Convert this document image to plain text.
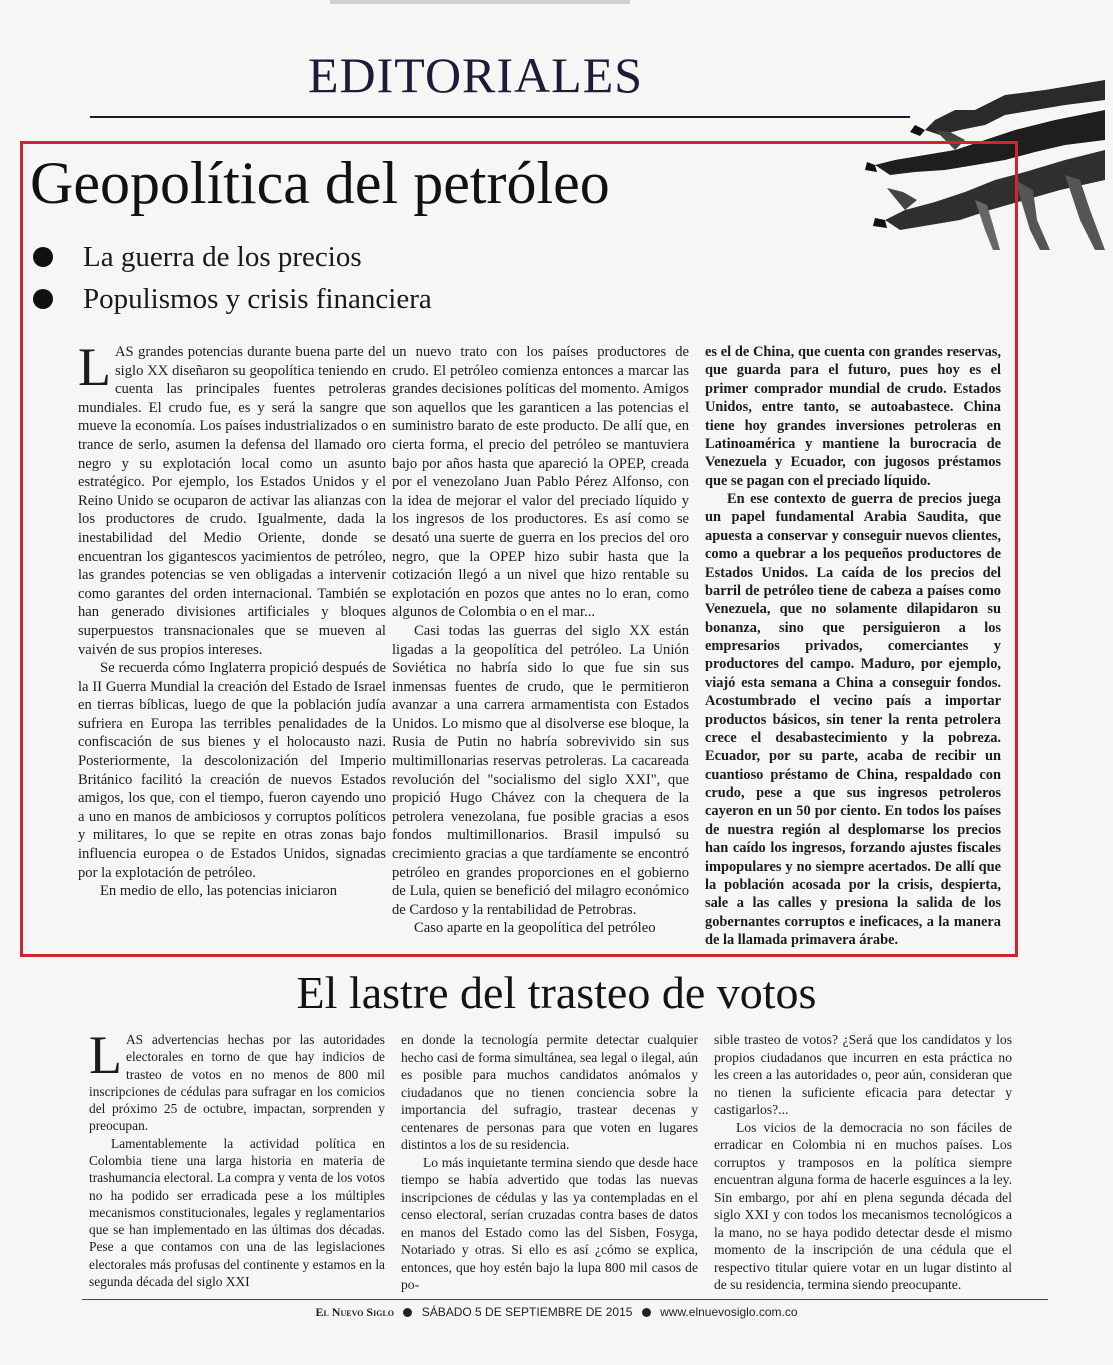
EDITORIALES
Geopolítica del petróleo
La guerra de los precios
Populismos y crisis financiera

LAS grandes potencias durante buena parte del siglo XX diseñaron su geopolítica teniendo en cuenta las principales fuentes petroleras mundiales. El crudo fue, es y será la sangre que mueve la economía. Los países industrializados o en trance de serlo, asumen la defensa del llamado oro negro y su explotación local como un asunto estratégico. Por ejemplo, los Estados Unidos y el Reino Unido se ocuparon de activar las alianzas con los productores de crudo. Igualmente, dada la inestabilidad del Medio Oriente, donde se encuentran los gigantescos yacimientos de petróleo, las grandes potencias se ven obligadas a intervenir como garantes del orden internacional. También se han generado divisiones artificiales y bloques superpuestos transnacionales que se mueven al vaivén de sus propios intereses.

Se recuerda cómo Inglaterra propició después de la II Guerra Mundial la creación del Estado de Israel en tierras bíblicas, luego de que la población judía sufriera en Europa las terribles penalidades de la confiscación de sus bienes y el holocausto nazi. Posteriormente, la descolonización del Imperio Británico facilitó la creación de nuevos Estados amigos, los que, con el tiempo, fueron cayendo uno a uno en manos de ambiciosos y corruptos políticos y militares, lo que se repite en otras zonas bajo influencia europea o de Estados Unidos, signadas por la explotación de petróleo.

En medio de ello, las potencias iniciaron

un nuevo trato con los países productores de crudo. El petróleo comienza entonces a marcar las grandes decisiones políticas del momento. Amigos son aquellos que les garanticen a las potencias el suministro barato de este producto. De allí que, en cierta forma, el precio del petróleo se mantuviera bajo por años hasta que apareció la OPEP, creada por el venezolano Juan Pablo Pérez Alfonso, con la idea de mejorar el valor del preciado líquido y los ingresos de los productores. Es así como se desató una suerte de guerra en los precios del oro negro, que la OPEP hizo subir hasta que la cotización llegó a un nivel que hizo rentable su explotación en pozos que antes no lo eran, como algunos de Colombia o en el mar...

Casi todas las guerras del siglo XX están ligadas a la geopolítica del petróleo. La Unión Soviética no habría sido lo que fue sin sus inmensas fuentes de crudo, que le permitieron avanzar a una carrera armamentista con Estados Unidos. Lo mismo que al disolverse ese bloque, la Rusia de Putin no habría sobrevivido sin sus multimillonarias reservas petroleras. La cacareada revolución del "socialismo del siglo XXI", que propició Hugo Chávez con la chequera de la petrolera venezolana, fue posible gracias a esos fondos multimillonarios. Brasil impulsó su crecimiento gracias a que tardíamente se encontró petróleo en grandes proporciones en el gobierno de Lula, quien se benefició del milagro económico de Cardoso y la rentabilidad de Petrobras.

Caso aparte en la geopolítica del petróleo

es el de China, que cuenta con grandes reservas, que guarda para el futuro, pues hoy es el primer comprador mundial de crudo. Estados Unidos, entre tanto, se autoabastece. China tiene hoy grandes inversiones petroleras en Latinoamérica y mantiene la burocracia de Venezuela y Ecuador, con jugosos préstamos que se pagan con el preciado líquido.

En ese contexto de guerra de precios juega un papel fundamental Arabia Saudita, que apuesta a conservar y conseguir nuevos clientes, como a quebrar a los pequeños productores de Estados Unidos. La caída de los precios del barril de petróleo tiene de cabeza a países como Venezuela, que no solamente dilapidaron su bonanza, sino que persiguieron a los empresarios privados, comerciantes y productores del campo. Maduro, por ejemplo, viajó esta semana a China a conseguir fondos. Acostumbrado el vecino país a importar productos básicos, sin tener la renta petrolera crece el desabastecimiento y la pobreza. Ecuador, por su parte, acaba de recibir un cuantioso préstamo de China, respaldado con crudo, pese a que sus ingresos petroleros cayeron en un 50 por ciento. En todos los países de nuestra región al desplomarse los precios han caído los ingresos, forzando ajustes fiscales impopulares y no siempre acertados. De allí que la población acosada por la crisis, despierta, sale a las calles y presiona la salida de los gobernantes corruptos e ineficaces, a la manera de la llamada primavera árabe.

El lastre del trasteo de votos

LAS advertencias hechas por las autoridades electorales en torno de que hay indicios de trasteo de votos en no menos de 800 mil inscripciones de cédulas para sufragar en los comicios del próximo 25 de octubre, impactan, sorprenden y preocupan.

Lamentablemente la actividad política en Colombia tiene una larga historia en materia de trashumancia electoral. La compra y venta de los votos no ha podido ser erradicada pese a los múltiples mecanismos constitucionales, legales y reglamentarios que se han implementado en las últimas dos décadas. Pese a que contamos con una de las legislaciones electorales más profusas del continente y estamos en la segunda década del siglo XXI

en donde la tecnología permite detectar cualquier hecho casi de forma simultánea, sea legal o ilegal, aún es posible para muchos candidatos anómalos y ciudadanos que no tienen conciencia sobre la importancia del sufragio, trastear decenas y centenares de personas para que voten en lugares distintos a los de su residencia.

Lo más inquietante termina siendo que desde hace tiempo se había advertido que todas las nuevas inscripciones de cédulas y las ya contempladas en el censo electoral, serían cruzadas contra bases de datos en manos del Estado como las del Sisben, Fosyga, Notariado y otras. Si ello es así ¿cómo se explica, entonces, que hoy estén bajo la lupa 800 mil casos de po-

sible trasteo de votos? ¿Será que los candidatos y los propios ciudadanos que incurren en esta práctica no les creen a las autoridades o, peor aún, consideran que no tienen la suficiente eficacia para detectar y castigarlos?...

Los vicios de la democracia no son fáciles de erradicar en Colombia ni en muchos países. Los corruptos y tramposos en la política siempre encuentran alguna forma de hacerle esguinces a la ley. Sin embargo, por ahí en plena segunda década del siglo XXI y con todos los mecanismos tecnológicos a la mano, no se haya podido detectar desde el mismo momento de la inscripción de una cédula que el respectivo titular quiere votar en un lugar distinto al de su residencia, termina siendo preocupante.

El Nuevo Siglo SÁBADO 5 DE SEPTIEMBRE DE 2015 www.elnuevosiglo.com.co
